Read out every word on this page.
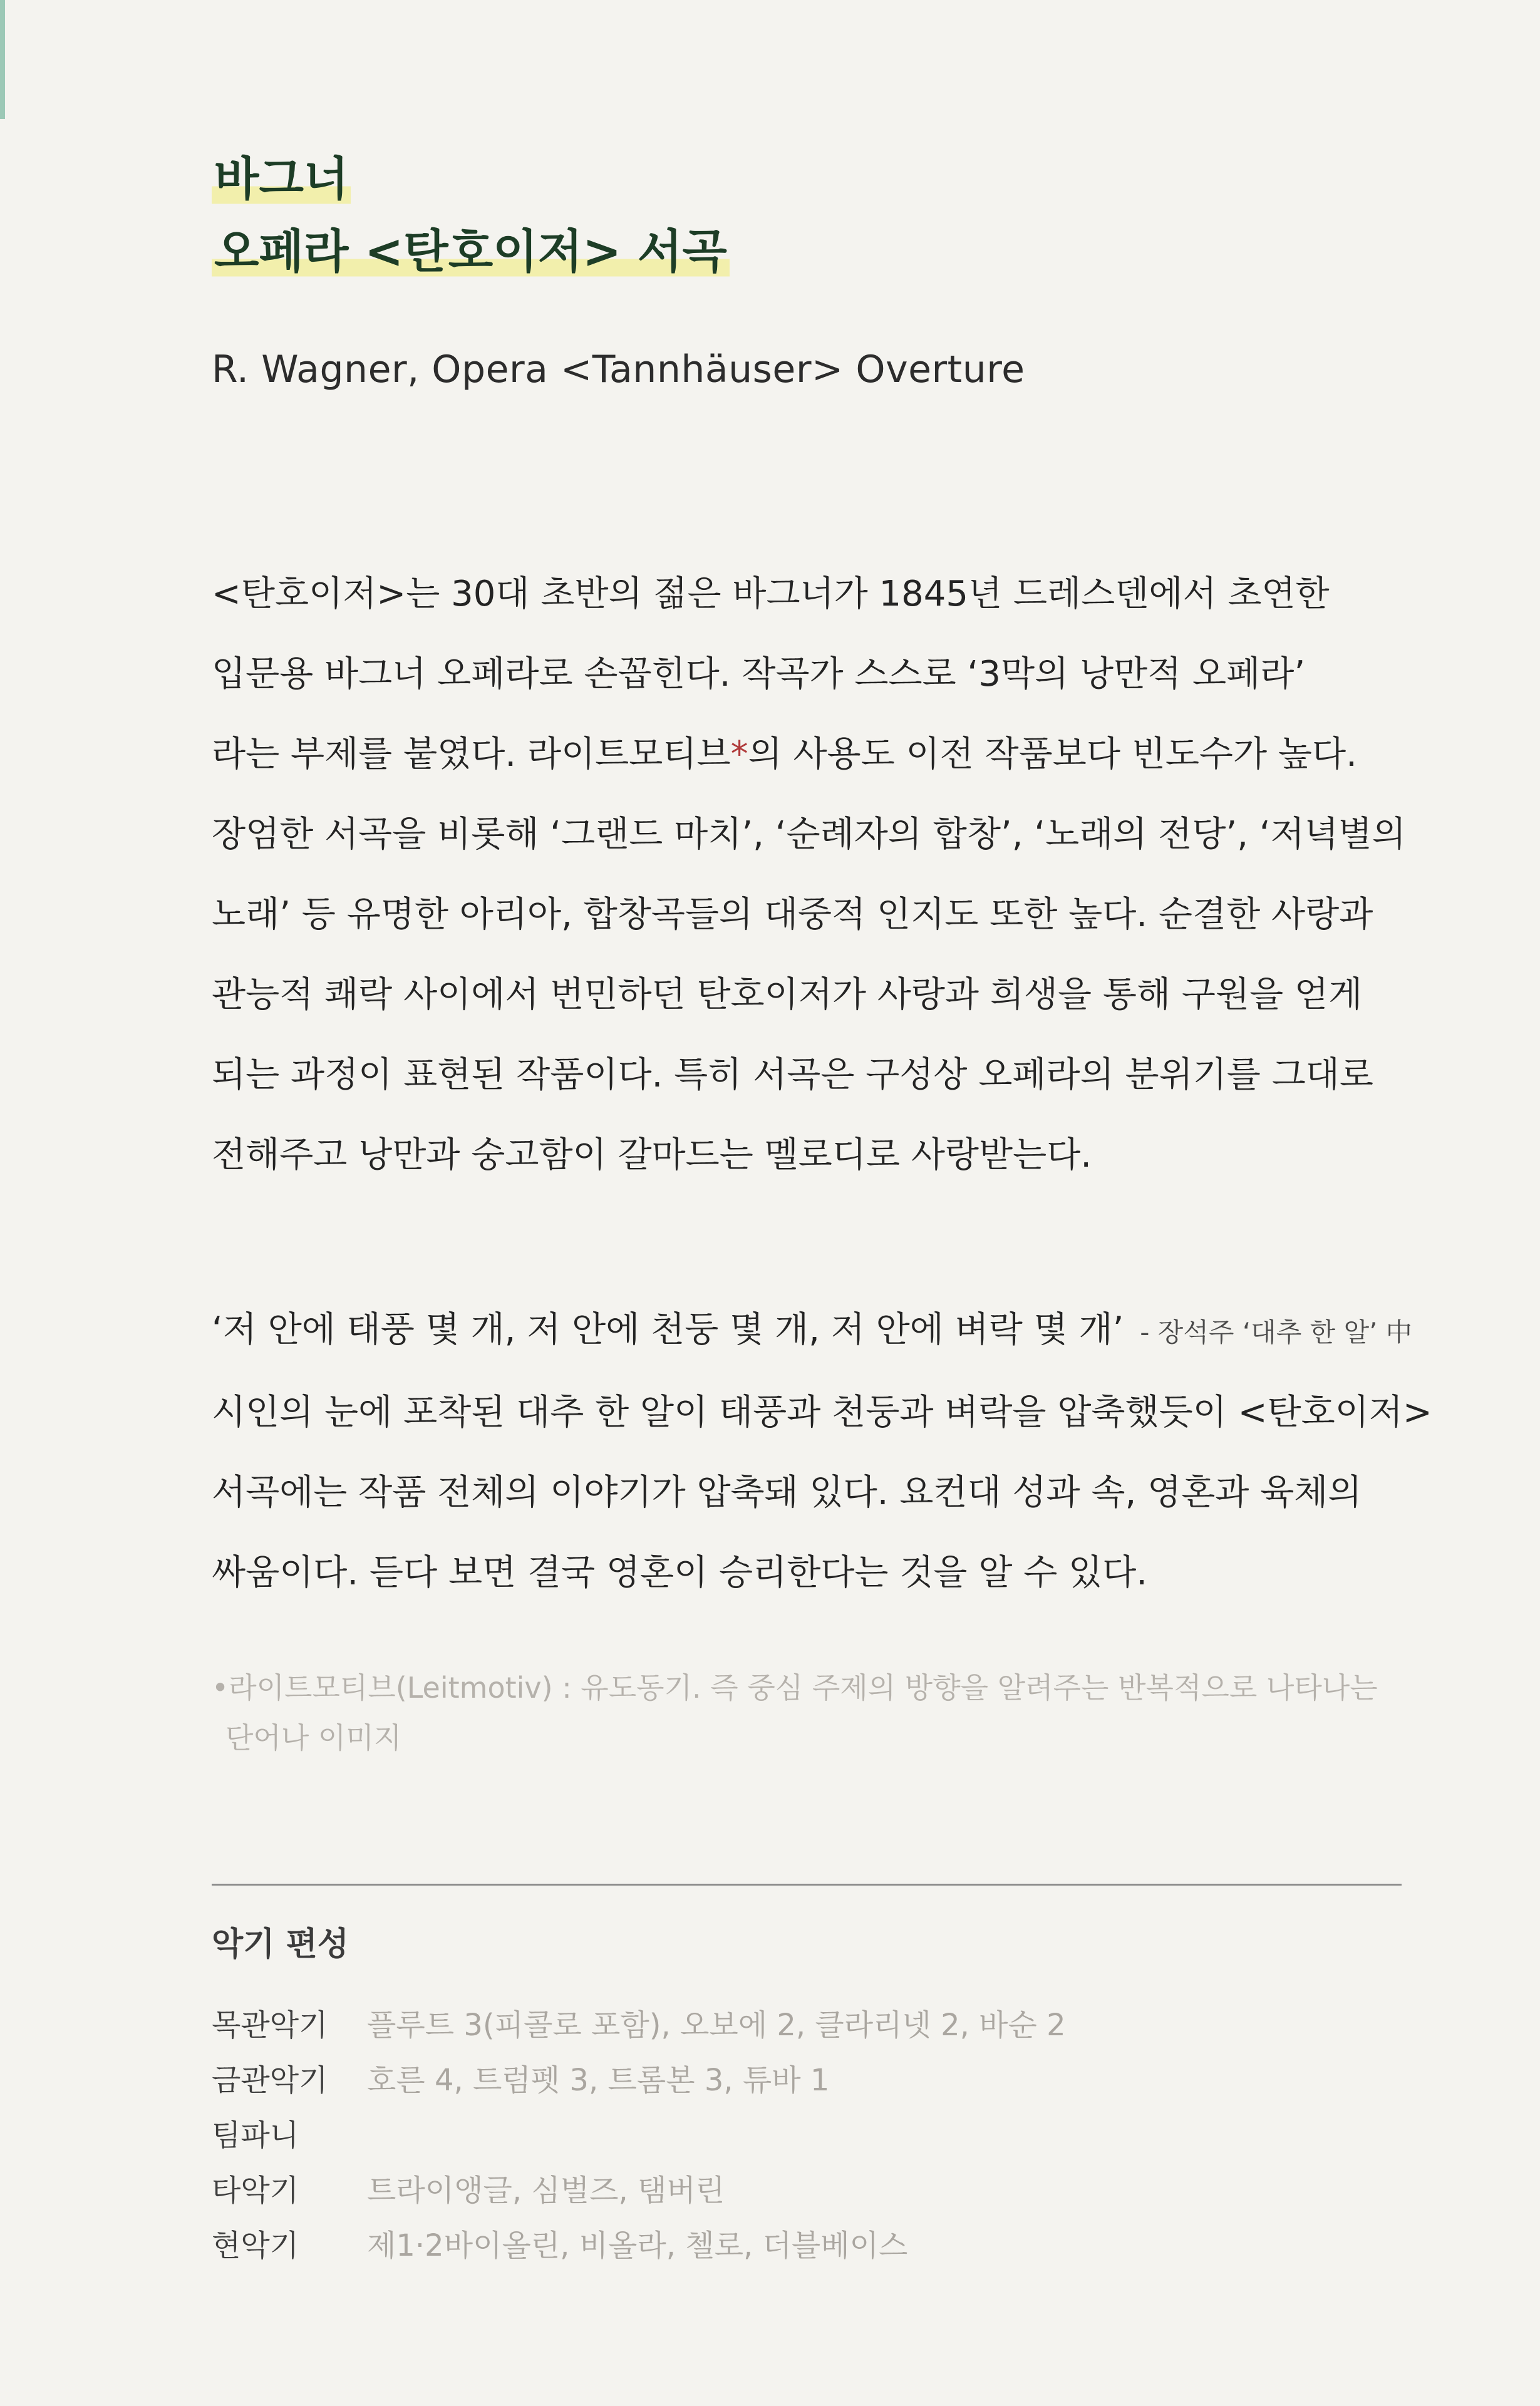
바그너
오페라 <탄호이저> 서곡
R. Wagner, Opera <Tannhäuser> Overture
<탄호이저>는 30대 초반의 젊은 바그너가 1845년 드레스덴에서 초연한
입문용 바그너 오페라로 손꼽힌다. 작곡가 스스로 ‘3막의 낭만적 오페라’
라는 부제를 붙였다. 라이트모티브*의 사용도 이전 작품보다 빈도수가 높다.
장엄한 서곡을 비롯해 ‘그랜드 마치’, ‘순례자의 합창’, ‘노래의 전당’, ‘저녁별의
노래’ 등 유명한 아리아, 합창곡들의 대중적 인지도 또한 높다. 순결한 사랑과
관능적 쾌락 사이에서 번민하던 탄호이저가 사랑과 희생을 통해 구원을 얻게
되는 과정이 표현된 작품이다. 특히 서곡은 구성상 오페라의 분위기를 그대로
전해주고 낭만과 숭고함이 갈마드는 멜로디로 사랑받는다.
‘저 안에 태풍 몇 개, 저 안에 천둥 몇 개, 저 안에 벼락 몇 개’ - 장석주 ‘대추 한 알’ 中
시인의 눈에 포착된 대추 한 알이 태풍과 천둥과 벼락을 압축했듯이 <탄호이저>
서곡에는 작품 전체의 이야기가 압축돼 있다. 요컨대 성과 속, 영혼과 육체의
싸움이다. 듣다 보면 결국 영혼이 승리한다는 것을 알 수 있다.
•라이트모티브(Leitmotiv) : 유도동기. 즉 중심 주제의 방향을 알려주는 반복적으로 나타나는
단어나 이미지
악기 편성
목관악기	플루트 3(피콜로 포함), 오보에 2, 클라리넷 2, 바순 2
금관악기	호른 4, 트럼펫 3, 트롬본 3, 튜바 1
팀파니
타악기	트라이앵글, 심벌즈, 탬버린
현악기	제1·2바이올린, 비올라, 첼로, 더블베이스
